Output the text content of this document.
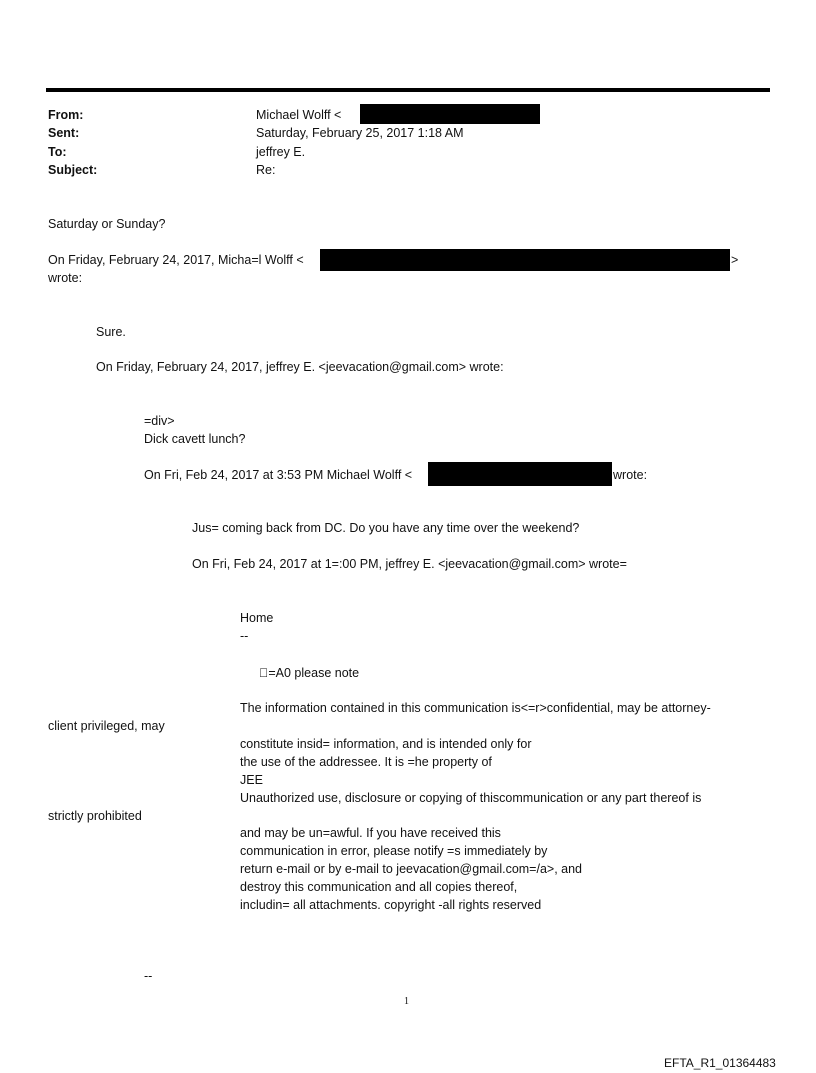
From:	Michael Wolff <
Sent:	Saturday, February 25, 2017 1:18 AM
To:	jeffrey E.
Subject:	Re:
Saturday or Sunday?
On Friday, February 24, 2017, Micha=l Wolff <	>
wrote:
Sure.
On Friday, February 24, 2017, jeffrey E. <jeevacation@gmail.com> wrote:
=div>
Dick cavett lunch?
On Fri, Feb 24, 2017 at 3:53 PM Michael Wolff <	wrote:
Jus= coming back from DC. Do you have any time over the weekend?
On Fri, Feb 24, 2017 at 1=:00 PM, jeffrey E. <jeevacation@gmail.com> wrote=
Home
--
 =A0 please note
The information contained in this communication is<=r>confidential, may be attorney-
client privileged, may
constitute insid= information, and is intended only for
the use of the addressee. It is =he property of
JEE
Unauthorized use, disclosure or copying of thiscommunication or any part thereof is
strictly prohibited
and may be un=awful. If you have received this
communication in error, please notify =s immediately by
return e-mail or by e-mail to jeevacation@gmail.com=/a>, and
destroy this communication and all copies thereof,
includin= all attachments. copyright -all rights reserved
--
1
EFTA_R1_01364483
